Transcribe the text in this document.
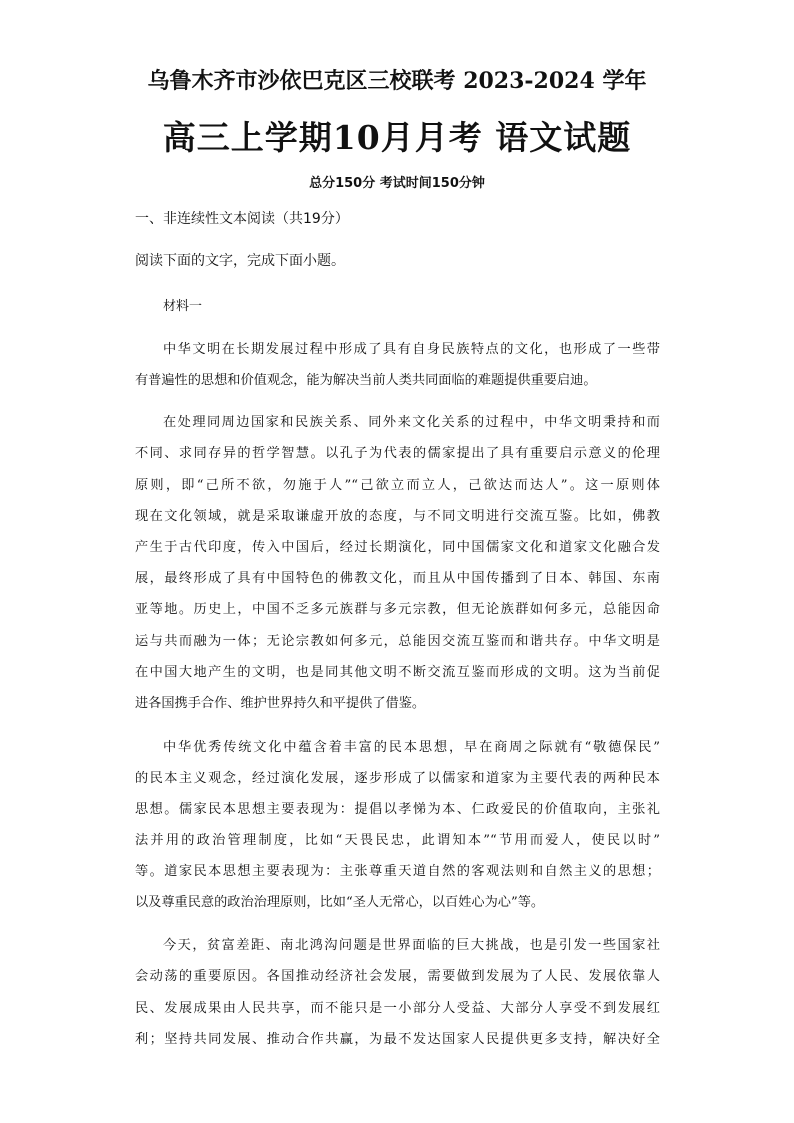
乌鲁木齐市沙依巴克区三校联考 2023-2024 学年
高三上学期10月月考 语文试题
总分150分 考试时间150分钟
一、非连续性文本阅读（共19分）
阅读下面的文字，完成下面小题。
材料一
中华文明在长期发展过程中形成了具有自身民族特点的文化，也形成了一些带
有普遍性的思想和价值观念，能为解决当前人类共同面临的难题提供重要启迪。
在处理同周边国家和民族关系、同外来文化关系的过程中，中华文明秉持和而
不同、求同存异的哲学智慧。以孔子为代表的儒家提出了具有重要启示意义的伦理
原则，即“己所不欲，勿施于人”“己欲立而立人，己欲达而达人”。这一原则体
现在文化领域，就是采取谦虚开放的态度，与不同文明进行交流互鉴。比如，佛教
产生于古代印度，传入中国后，经过长期演化，同中国儒家文化和道家文化融合发
展，最终形成了具有中国特色的佛教文化，而且从中国传播到了日本、韩国、东南
亚等地。历史上，中国不乏多元族群与多元宗教，但无论族群如何多元，总能因命
运与共而融为一体；无论宗教如何多元，总能因交流互鉴而和谐共存。中华文明是
在中国大地产生的文明，也是同其他文明不断交流互鉴而形成的文明。这为当前促
进各国携手合作、维护世界持久和平提供了借鉴。
中华优秀传统文化中蕴含着丰富的民本思想，早在商周之际就有“敬德保民”
的民本主义观念，经过演化发展，逐步形成了以儒家和道家为主要代表的两种民本
思想。儒家民本思想主要表现为：提倡以孝悌为本、仁政爱民的价值取向，主张礼
法并用的政治管理制度，比如“天畏民忠，此谓知本”“节用而爱人，使民以时”
等。道家民本思想主要表现为：主张尊重天道自然的客观法则和自然主义的思想；
以及尊重民意的政治治理原则，比如“圣人无常心，以百姓心为心”等。
今天，贫富差距、南北鸿沟问题是世界面临的巨大挑战，也是引发一些国家社
会动荡的重要原因。各国推动经济社会发展，需要做到发展为了人民、发展依靠人
民、发展成果由人民共享，而不能只是一小部分人受益、大部分人享受不到发展红
利；坚持共同发展、推动合作共赢，为最不发达国家人民提供更多支持，解决好全
